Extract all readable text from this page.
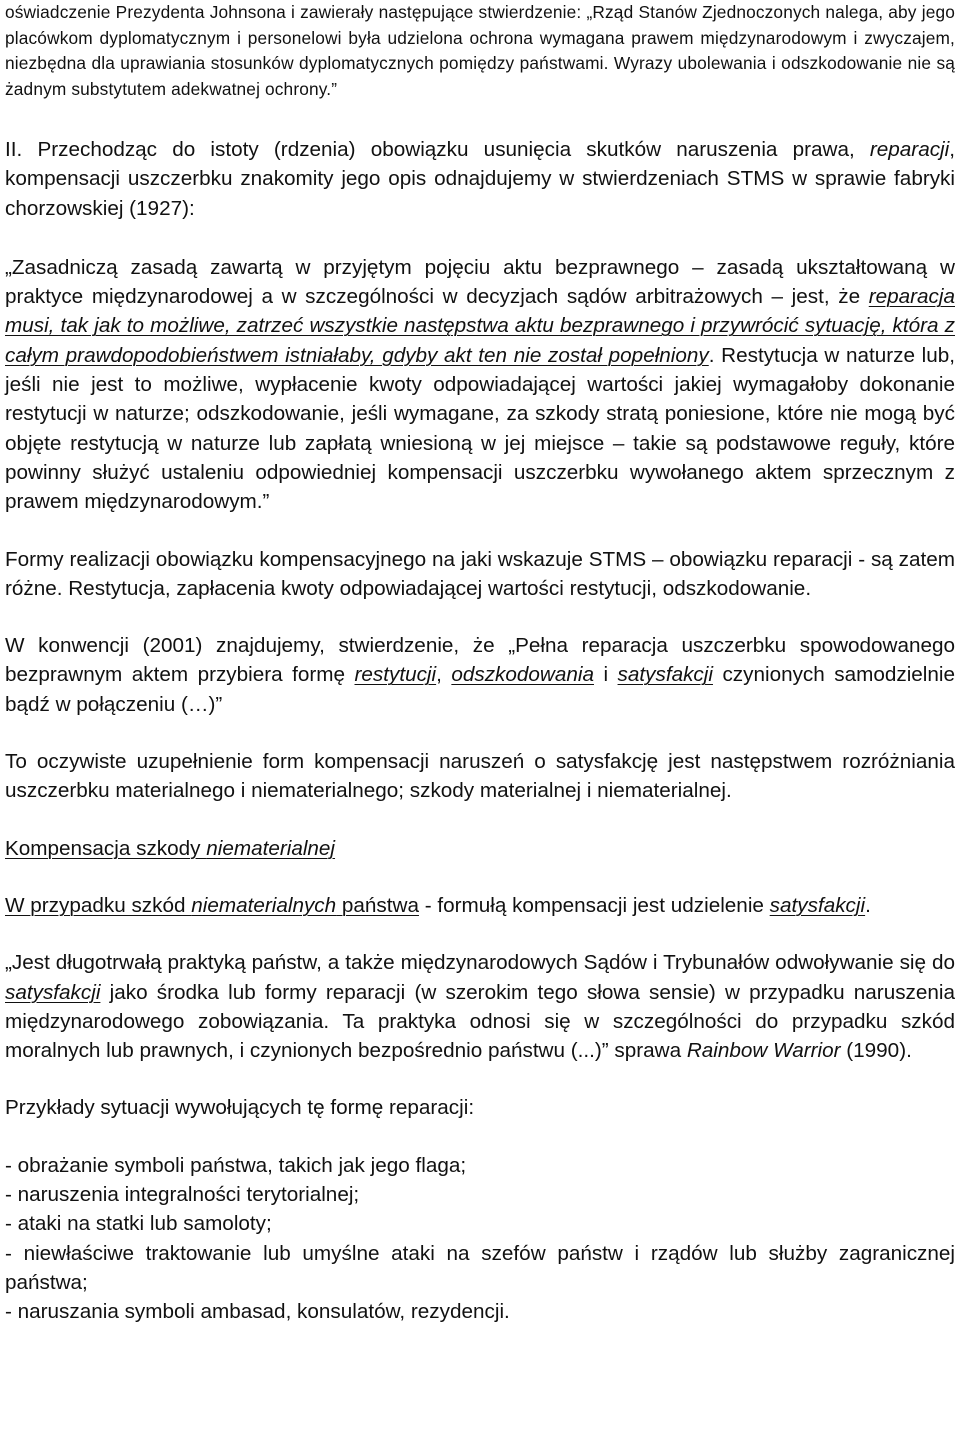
oświadczenie Prezydenta Johnsona i zawierały następujące stwierdzenie: „Rząd Stanów Zjednoczonych nalega, aby jego placówkom dyplomatycznym i personelowi była udzielona ochrona wymagana prawem międzynarodowym i zwyczajem, niezbędna dla uprawiania stosunków dyplomatycznych pomiędzy państwami. Wyrazy ubolewania i odszkodowanie nie są żadnym substytutem adekwatnej ochrony.”

II. Przechodząc do istoty (rdzenia) obowiązku usunięcia skutków naruszenia prawa, reparacji, kompensacji uszczerbku znakomity jego opis odnajdujemy w stwierdzeniach STMS w sprawie fabryki chorzowskiej (1927):

„Zasadniczą zasadą zawartą w przyjętym pojęciu aktu bezprawnego – zasadą ukształtowaną w praktyce międzynarodowej a w szczególności w decyzjach sądów arbitrażowych – jest, że reparacja musi, tak jak to możliwe, zatrzeć wszystkie następstwa aktu bezprawnego i przywrócić sytuację, która z całym prawdopodobieństwem istniałaby, gdyby akt ten nie został popełniony. Restytucja w naturze lub, jeśli nie jest to możliwe, wypłacenie kwoty odpowiadającej wartości jakiej wymagałoby dokonanie restytucji w naturze; odszkodowanie, jeśli wymagane, za szkody stratą poniesione, które nie mogą być objęte restytucją w naturze lub zapłatą wniesioną w jej miejsce – takie są podstawowe reguły, które powinny służyć ustaleniu odpowiedniej kompensacji uszczerbku wywołanego aktem sprzecznym z prawem międzynarodowym.”

Formy realizacji obowiązku kompensacyjnego na jaki wskazuje STMS – obowiązku reparacji - są zatem różne. Restytucja, zapłacenia kwoty odpowiadającej wartości restytucji, odszkodowanie.

W konwencji (2001) znajdujemy, stwierdzenie, że „Pełna reparacja uszczerbku spowodowanego bezprawnym aktem przybiera formę restytucji, odszkodowania i satysfakcji czynionych samodzielnie bądź w połączeniu (…)”

To oczywiste uzupełnienie form kompensacji naruszeń o satysfakcję jest następstwem rozróżniania uszczerbku materialnego i niematerialnego; szkody materialnej i niematerialnej.

Kompensacja szkody niematerialnej

W przypadku szkód niematerialnych państwa - formułą kompensacji jest udzielenie satysfakcji.

„Jest długotrwałą praktyką państw, a także międzynarodowych Sądów i Trybunałów odwoływanie się do satysfakcji jako środka lub formy reparacji (w szerokim tego słowa sensie) w przypadku naruszenia międzynarodowego zobowiązania. Ta praktyka odnosi się w szczególności do przypadku szkód moralnych lub prawnych, i czynionych bezpośrednio państwu (...)” sprawa Rainbow Warrior (1990).

Przykłady sytuacji wywołujących tę formę reparacji:

- obrażanie symboli państwa, takich jak jego flaga;

- naruszenia integralności terytorialnej;

- ataki na statki lub samoloty;

- niewłaściwe traktowanie lub umyślne ataki na szefów państw i rządów lub służby zagranicznej państwa;

- naruszania symboli ambasad, konsulatów, rezydencji.
